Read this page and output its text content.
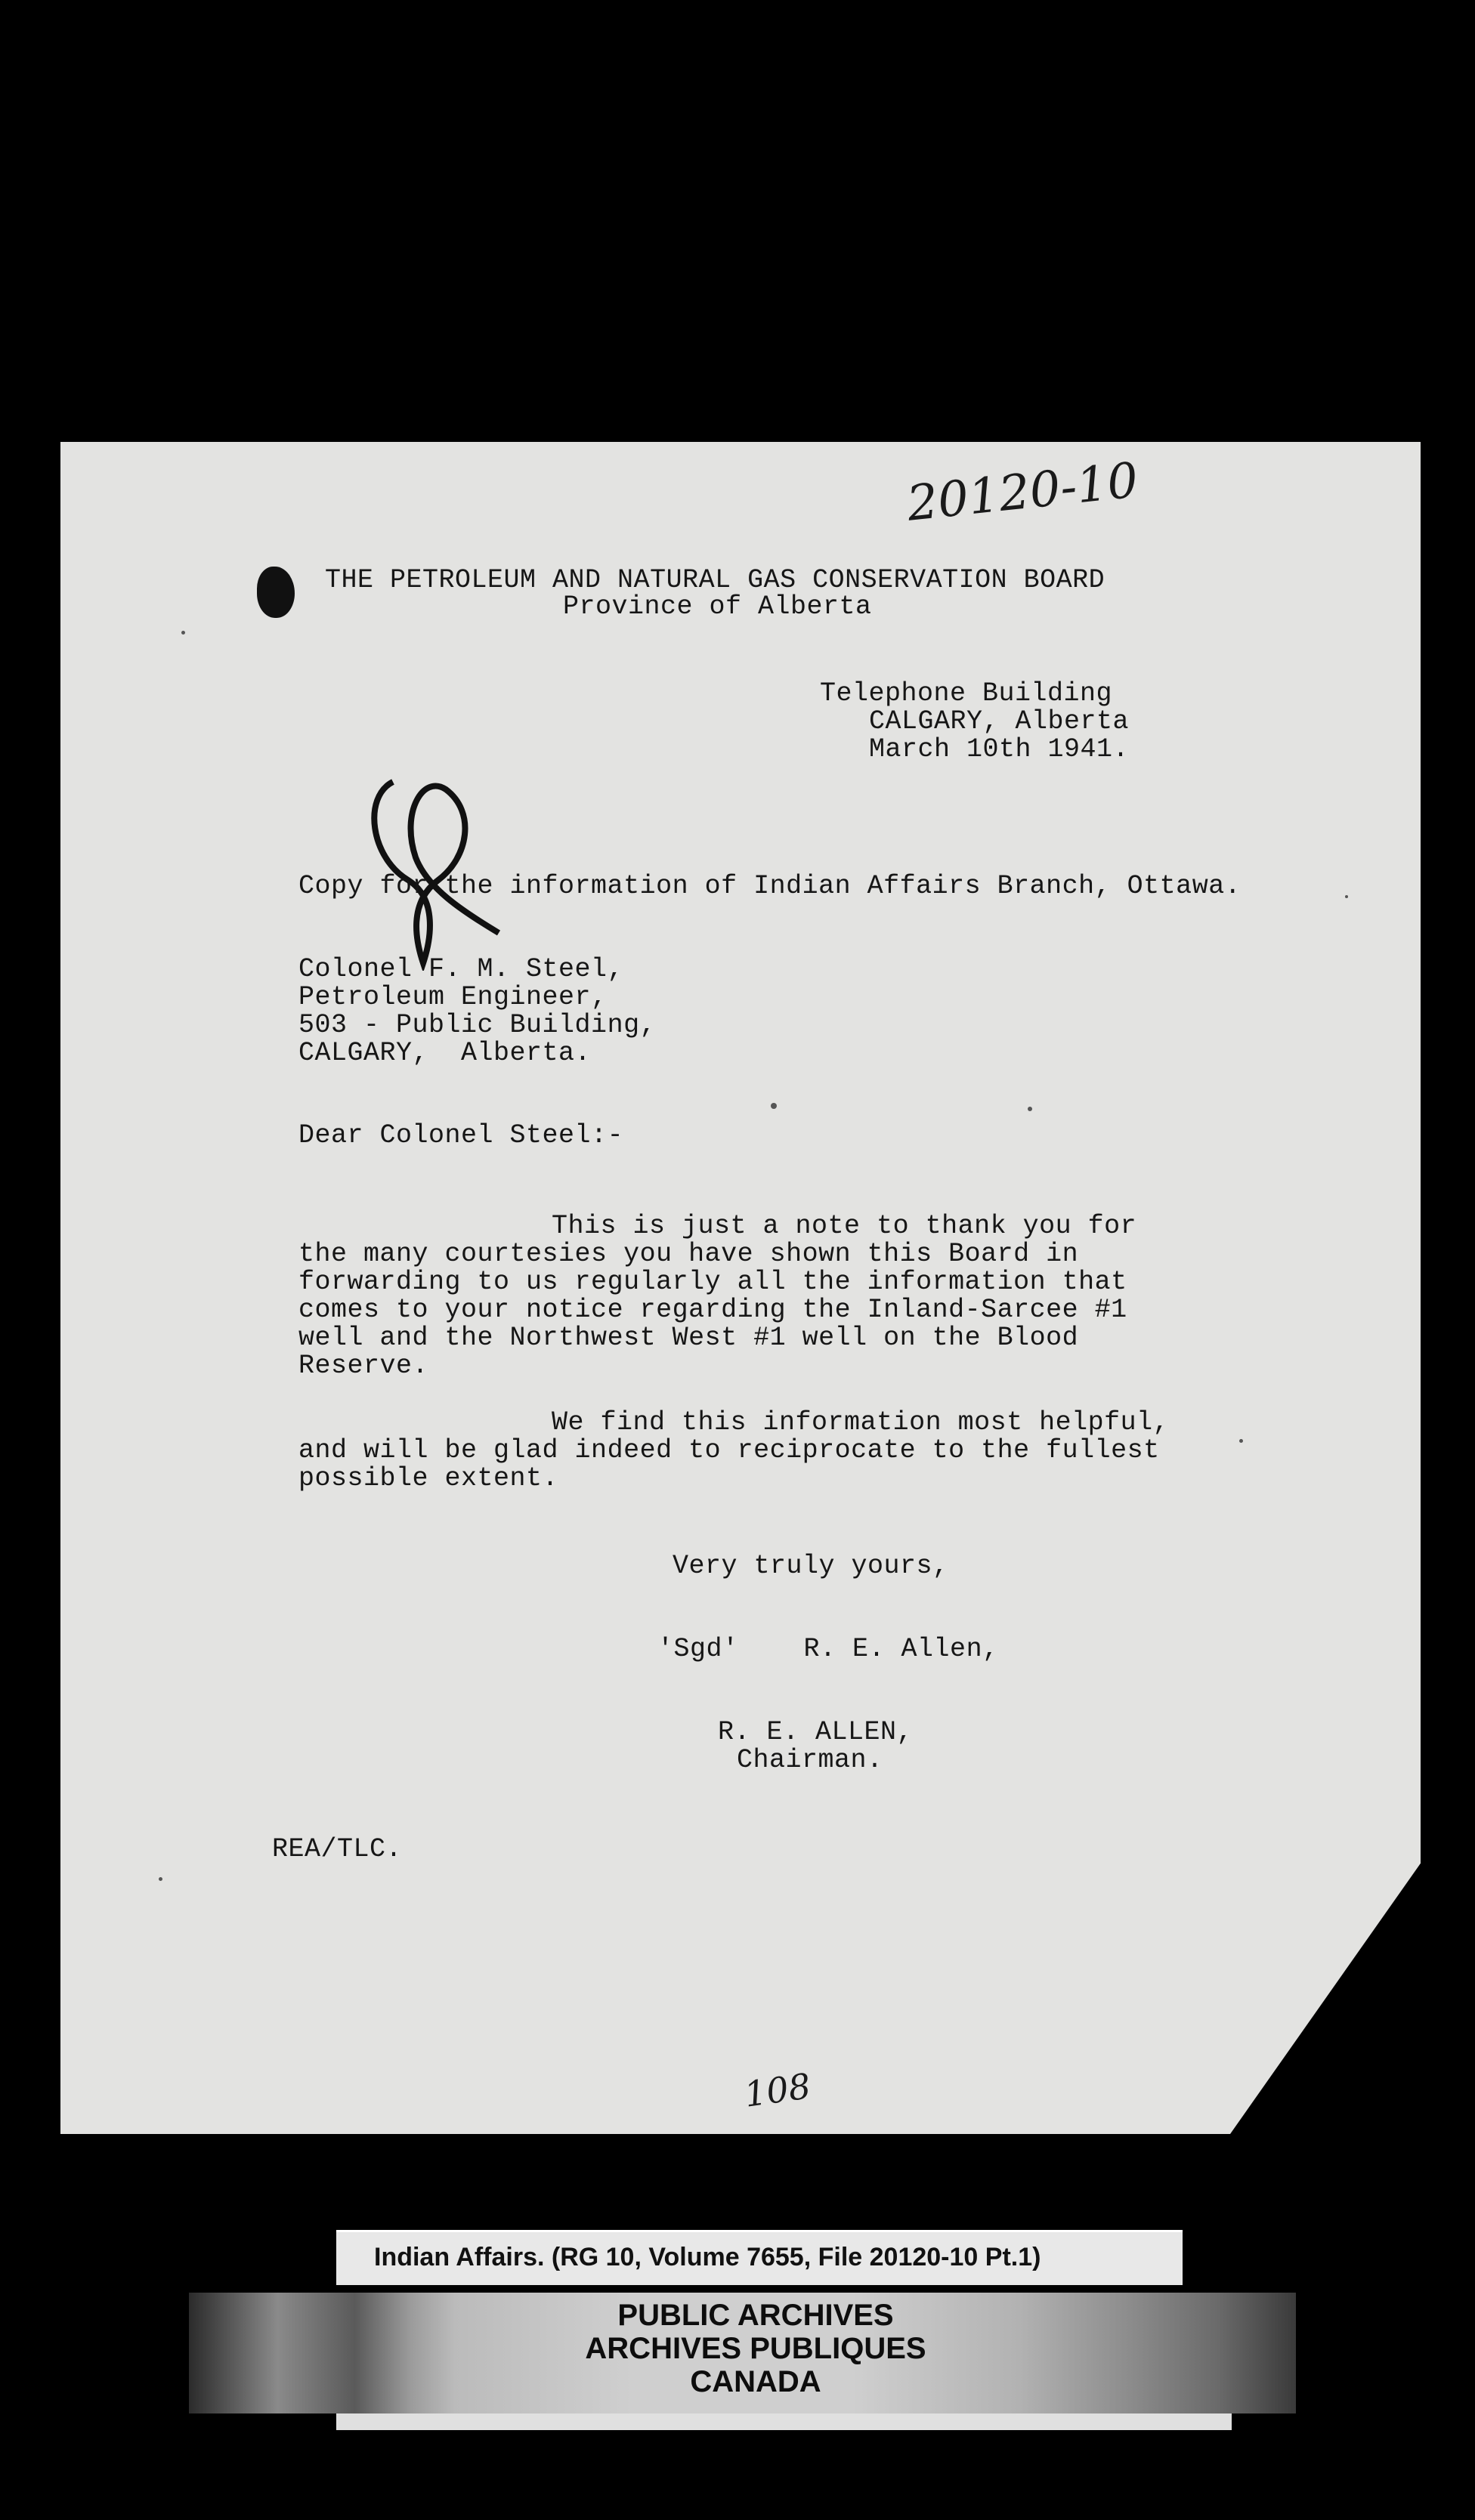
20120-10
THE PETROLEUM AND NATURAL GAS CONSERVATION BOARD
Province of Alberta
Telephone Building
CALGARY, Alberta
March 10th 1941.
Copy for the information of Indian Affairs Branch, Ottawa.
Colonel F. M. Steel,
Petroleum Engineer,
503 - Public Building,
CALGARY,  Alberta.
Dear Colonel Steel:-
This is just a note to thank you for
the many courtesies you have shown this Board in
forwarding to us regularly all the information that
comes to your notice regarding the Inland-Sarcee #1
well and the Northwest West #1 well on the Blood
Reserve.
We find this information most helpful,
and will be glad indeed to reciprocate to the fullest
possible extent.
Very truly yours,
'Sgd'    R. E. Allen,
R. E. ALLEN,
Chairman.
REA/TLC.
108
Indian Affairs. (RG 10, Volume 7655, File 20120-10 Pt.1)
PUBLIC ARCHIVES
ARCHIVES PUBLIQUES
CANADA
